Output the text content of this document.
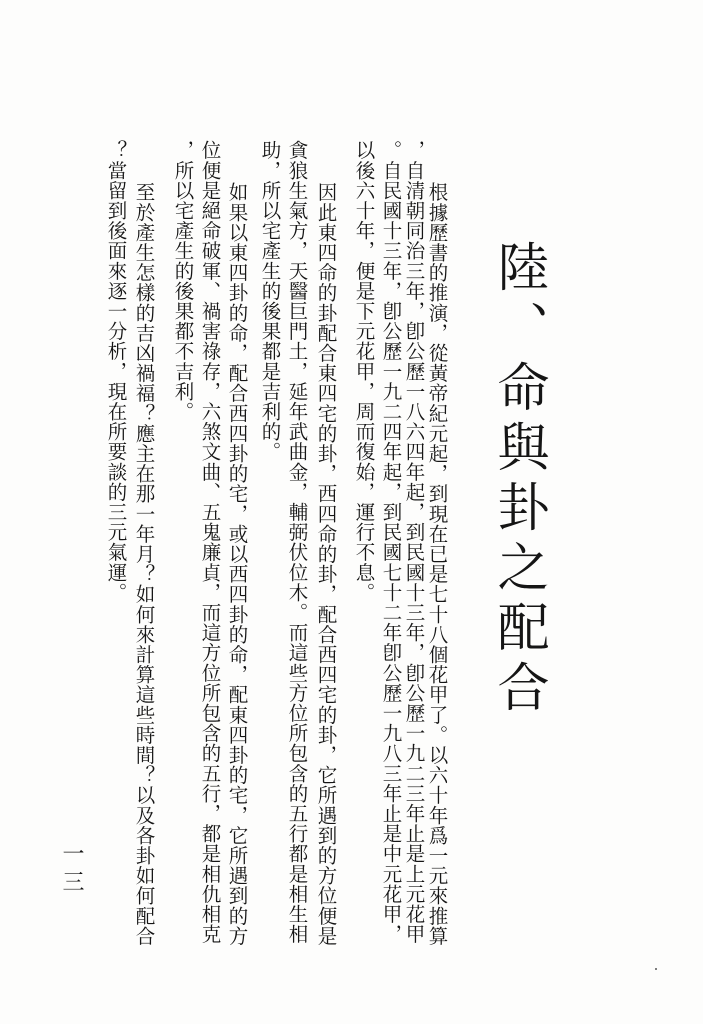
陸、命與卦之配合

根據歷書的推演，從黃帝紀元起，到現在已是七十八個花甲了。以六十年爲一元來推算

，自清朝同治三年，卽公歷一八六四年起，到民國十三年，卽公歷一九二三年止是上元花甲

。自民國十三年，卽公歷一九二四年起，到民國七十二年卽公歷一九八三年止是中元花甲，

以後六十年，便是下元花甲，周而復始，運行不息。

因此東四命的卦配合東四宅的卦，西四命的卦，配合西四宅的卦，它所遇到的方位便是

貪狼生氣方，天醫巨門土，延年武曲金，輔弼伏位木。而這些方位所包含的五行都是相生相

助，所以宅產生的後果都是吉利的。

如果以東四卦的命，配合西四卦的宅，或以西四卦的命，配東四卦的宅，它所遇到的方

位便是絕命破軍、禍害祿存，六煞文曲、五鬼廉貞，而這方位所包含的五行，都是相仇相克

，所以宅產生的後果都不吉利。

至於產生怎樣的吉凶禍福？應主在那一年月？如何來計算這些時間？以及各卦如何配合

？當留到後面來逐一分析，現在所要談的三元氣運。

一三
